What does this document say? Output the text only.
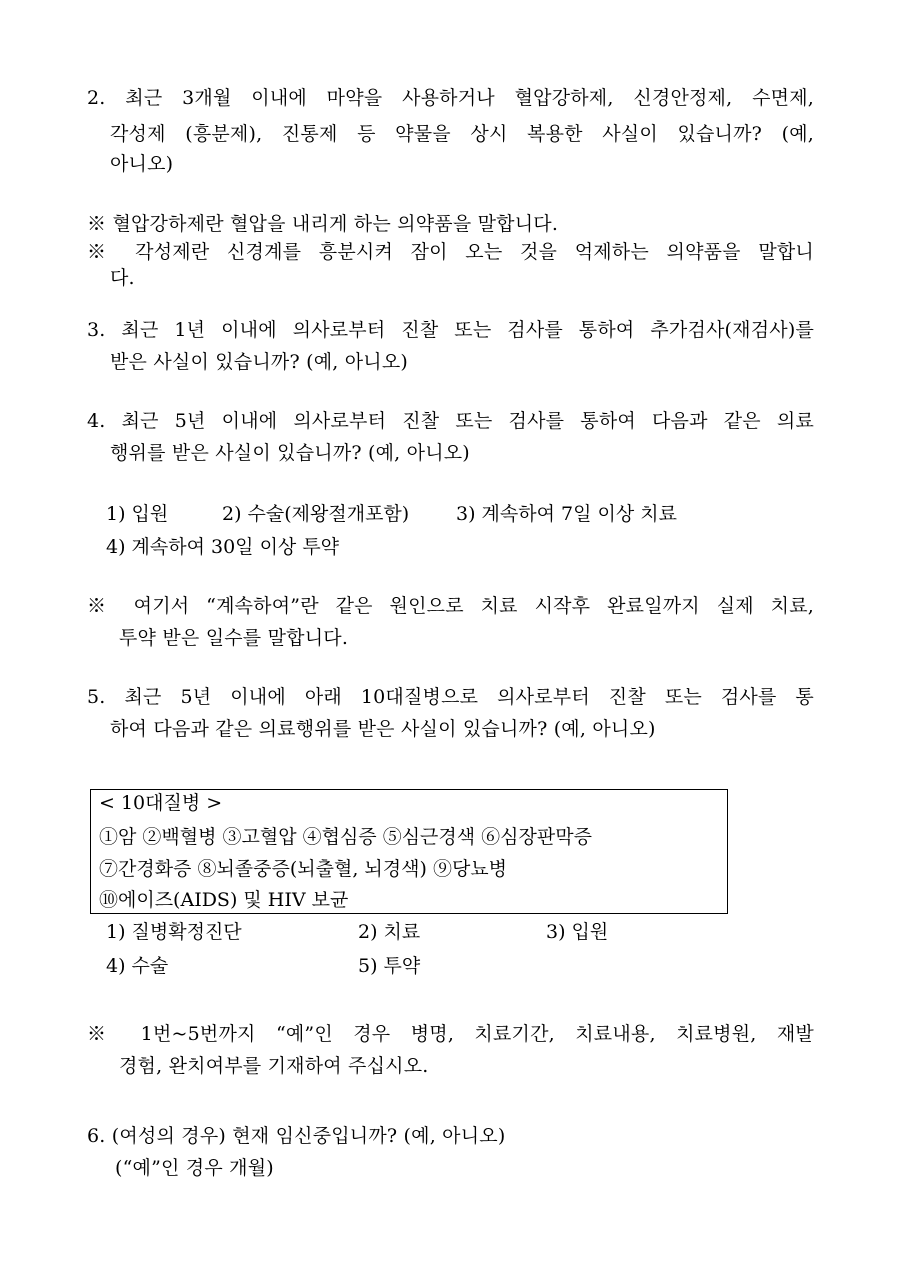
2. 최근 3개월 이내에 마약을 사용하거나 혈압강하제, 신경안정제, 수면제,
각성제 (흥분제), 진통제 등 약물을 상시 복용한 사실이 있습니까? (예,
아니오)
※ 혈압강하제란 혈압을 내리게 하는 의약품을 말합니다.
※ 각성제란 신경계를 흥분시켜 잠이 오는 것을 억제하는 의약품을 말합니
다.
3. 최근 1년 이내에 의사로부터 진찰 또는 검사를 통하여 추가검사(재검사)를
받은 사실이 있습니까? (예, 아니오)
4. 최근 5년 이내에 의사로부터 진찰 또는 검사를 통하여 다음과 같은 의료
행위를 받은 사실이 있습니까? (예, 아니오)
1) 입원	2) 수술(제왕절개포함) 3) 계속하여 7일 이상 치료
4) 계속하여 30일 이상 투약
※ 여기서 “계속하여”란 같은 원인으로 치료 시작후 완료일까지 실제 치료,
투약 받은 일수를 말합니다.
5. 최근 5년 이내에 아래 10대질병으로 의사로부터 진찰 또는 검사를 통
하여 다음과 같은 의료행위를 받은 사실이 있습니까? (예, 아니오)
< 10대질병 >
①암 ②백혈병 ③고혈압 ④협심증 ⑤심근경색 ⑥심장판막증
⑦간경화증 ⑧뇌졸중증(뇌출혈, 뇌경색) ⑨당뇨병
⑩에이즈(AIDS) 및 HIV 보균
1) 질병확정진단	2) 치료	3) 입원
4) 수술	5) 투약
※ 1번~5번까지 “예”인 경우 병명, 치료기간, 치료내용, 치료병원, 재발
경험, 완치여부를 기재하여 주십시오.
6. (여성의 경우) 현재 임신중입니까? (예, 아니오)
(“예”인 경우 개월)
